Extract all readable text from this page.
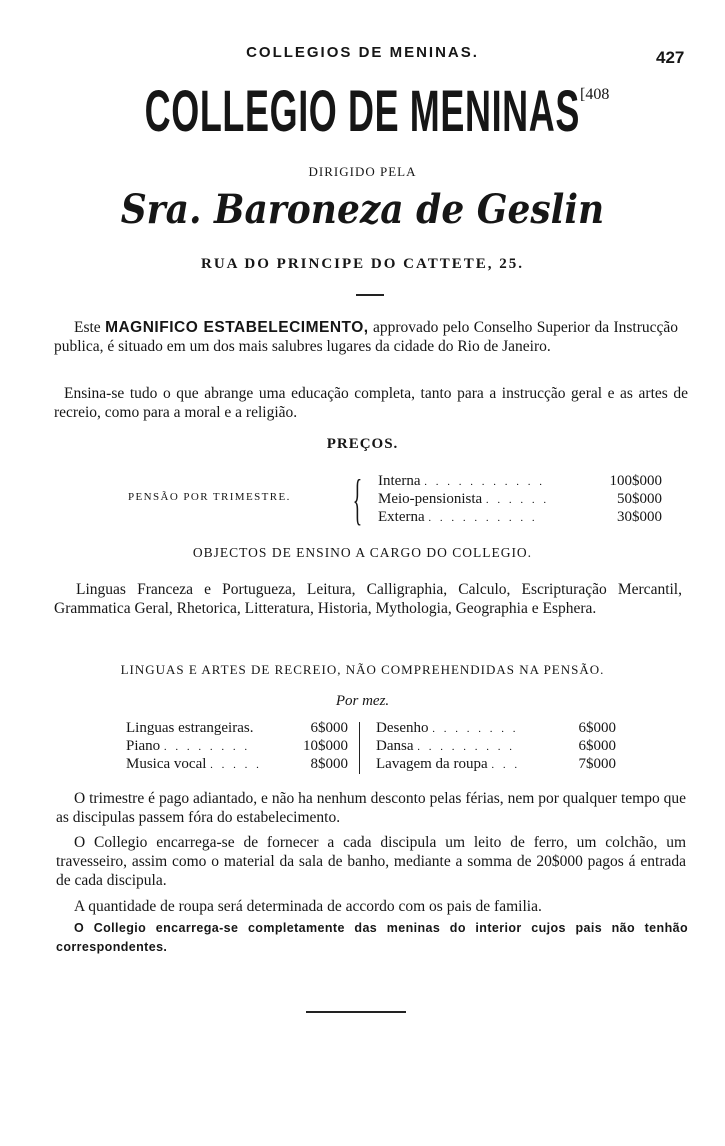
COLLEGIOS DE MENINAS.	427
COLLEGIO DE MENINAS [408
DIRIGIDO PELA
Sra. Baroneza de Geslin
RUA DO PRINCIPE DO CATTETE, 25.
Este MAGNIFICO ESTABELECIMENTO, approvado pelo Conselho Superior da Instrucção publica, é situado em um dos mais salubres lugares da cidade do Rio de Janeiro.
Ensina-se tudo o que abrange uma educação completa, tanto para a instrucção geral e as artes de recreio, como para a moral e a religião.
PREÇOS.
PENSÃO POR TRIMESTRE. { Interna . . . . . . . . . . .	100$000
Meio-pensionista . . . . . .	50$000
Externa . . . . . . . . . .	30$000
OBJECTOS DE ENSINO A CARGO DO COLLEGIO.
Linguas Franceza e Portugueza, Leitura, Calligraphia, Calculo, Escripturação Mercantil, Grammatica Geral, Rhetorica, Litteratura, Historia, Mythologia, Geographia e Esphera.
LINGUAS E ARTES DE RECREIO, NÃO COMPREHENDIDAS NA PENSÃO.
Por mez.
Linguas estrangeiras.	6$000
Piano . . . . . . . .	10$000
Musica vocal . . . . .	8$000
Desenho . . . . . . . .	6$000
Dansa . . . . . . . . .	6$000
Lavagem da roupa . . .	7$000
O trimestre é pago adiantado, e não ha nenhum desconto pelas férias, nem por qualquer tempo que as discipulas passem fóra do estabelecimento.
O Collegio encarrega-se de fornecer a cada discipula um leito de ferro, um colchão, um travesseiro, assim como o material da sala de banho, mediante a somma de 20$000 pagos á entrada de cada discipula.
A quantidade de roupa será determinada de accordo com os pais de familia.
O Collegio encarrega-se completamente das meninas do interior cujos pais não tenhão correspondentes.
